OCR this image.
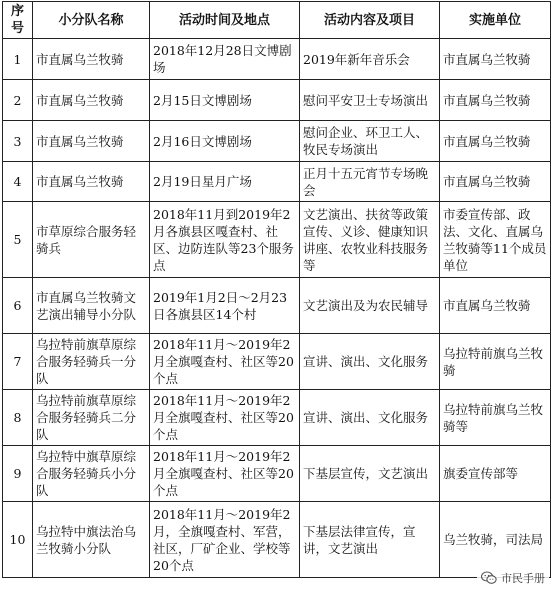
序号	小分队名称	活动时间及地点	活动内容及项目	实施单位
1	市直属乌兰牧骑	2018年12月28日文博剧场	2019年新年音乐会	市直属乌兰牧骑
2	市直属乌兰牧骑	2月15日文博剧场	慰问平安卫士专场演出	市直属乌兰牧骑
3	市直属乌兰牧骑	2月16日文博剧场	慰问企业、环卫工人、牧民专场演出	市直属乌兰牧骑
4	市直属乌兰牧骑	2月19日星月广场	正月十五元宵节专场晚会	市直属乌兰牧骑
5	市草原综合服务轻骑兵	2018年11月到2019年2月各旗县区嘎查村、社区、边防连队等23个服务点	文艺演出、扶贫等政策宣传、义诊、健康知识讲座、农牧业科技服务等	市委宣传部、政法、文化、直属乌兰牧骑等11个成员单位
6	市直属乌兰牧骑文艺演出辅导小分队	2019年1月2日～2月23日各旗县区14个村	文艺演出及为农民辅导	市直属乌兰牧骑
7	乌拉特前旗草原综合服务轻骑兵一分队	2018年11月～2019年2月全旗嘎查村、社区等20个点	宣讲、演出、文化服务	乌拉特前旗乌兰牧骑
8	乌拉特前旗草原综合服务轻骑兵二分队	2018年11月～2019年2月全旗嘎查村、社区等20个点	宣讲、演出、文化服务	乌拉特前旗乌兰牧骑等
9	乌拉特中旗草原综合服务轻骑兵小分队	2018年11月～2019年2月全旗嘎查村、社区等20个点	下基层宣传，文艺演出	旗委宣传部等
10	乌拉特中旗法治乌兰牧骑小分队	2018年11月～2019年2月，全旗嘎查村、军营，社区，厂矿企业、学校等20个点	下基层法律宣传，宣讲，文艺演出	乌兰牧骑，司法局
市民手册
